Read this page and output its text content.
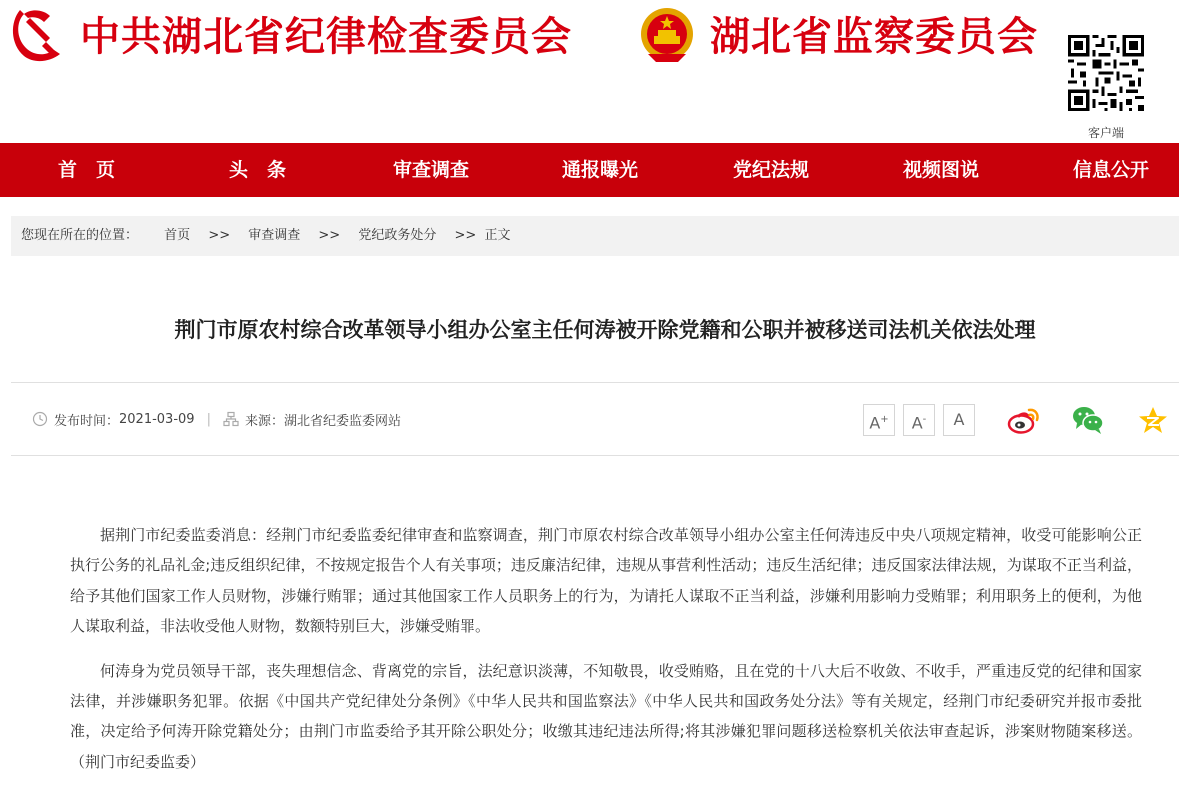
中共湖北省纪律检查委员会	湖北省监察委员会
客户端
首　页	头　条	审查调查	通报曝光	党纪法规	视频图说	信息公开
您现在所在的位置： 首页 >> 审查调查 >> 党纪政务处分 >> 正文
荆门市原农村综合改革领导小组办公室主任何涛被开除党籍和公职并被移送司法机关依法处理
发布时间： 2021-03-09 |	来源： 湖北省纪委监委网站	A+	A-	A

据荆门市纪委监委消息：经荆门市纪委监委纪律审查和监察调查，荆门市原农村综合改革领导小组办公室主任何涛违反中央八项规定精神，收受可能影响公正执行公务的礼品礼金;违反组织纪律，不按规定报告个人有关事项；违反廉洁纪律，违规从事营利性活动；违反生活纪律；违反国家法律法规，为谋取不正当利益，给予其他们国家工作人员财物，涉嫌行贿罪；通过其他国家工作人员职务上的行为，为请托人谋取不正当利益，涉嫌利用影响力受贿罪；利用职务上的便利，为他人谋取利益，非法收受他人财物，数额特别巨大，涉嫌受贿罪。

何涛身为党员领导干部，丧失理想信念、背离党的宗旨，法纪意识淡薄，不知敬畏，收受贿赂，且在党的十八大后不收敛、不收手，严重违反党的纪律和国家法律，并涉嫌职务犯罪。依据《中国共产党纪律处分条例》《中华人民共和国监察法》《中华人民共和国政务处分法》等有关规定，经荆门市纪委研究并报市委批准，决定给予何涛开除党籍处分；由荆门市监委给予其开除公职处分；收缴其违纪违法所得;将其涉嫌犯罪问题移送检察机关依法审查起诉，涉案财物随案移送。（荆门市纪委监委）
